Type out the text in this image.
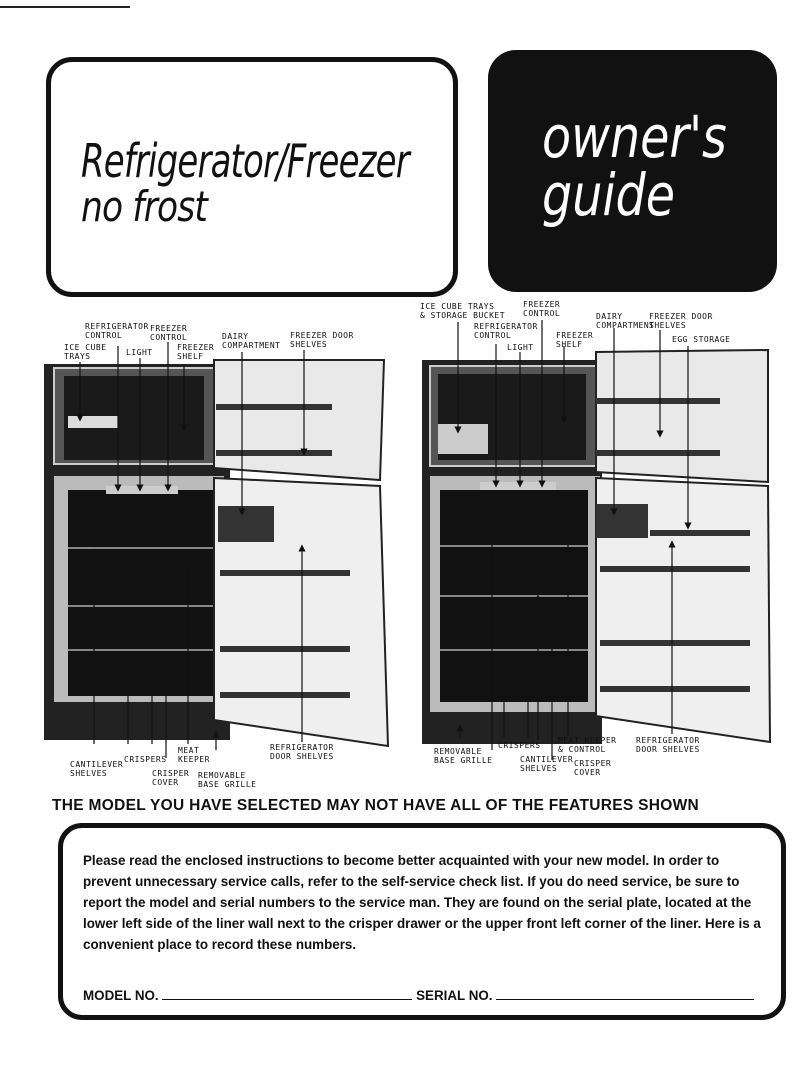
Refrigerator/Freezer
no frost
owner's
guide
REFRIGERATOR
CONTROL
FREEZER
CONTROL
ICE CUBE
TRAYS	LIGHT
FREEZER
SHELF
DAIRY
COMPARTMENT
FREEZER DOOR
SHELVES
CANTILEVER
SHELVES
CRISPERS
MEAT
KEEPER
CRISPER
COVER
REMOVABLE
BASE GRILLE
REFRIGERATOR
DOOR SHELVES
ICE CUBE TRAYS
& STORAGE BUCKET
FREEZER
CONTROL
REFRIGERATOR
CONTROL
LIGHT
FREEZER
SHELF
DAIRY
COMPARTMENT
FREEZER DOOR
SHELVES
EGG STORAGE
REMOVABLE
BASE GRILLE
CRISPERS
CANTILEVER
SHELVES
CRISPER
COVER
MEAT KEEPER
& CONTROL
REFRIGERATOR
DOOR SHELVES
THE MODEL YOU HAVE SELECTED MAY NOT HAVE ALL OF THE FEATURES SHOWN
Please read the enclosed instructions to become better acquainted with your new model. In order to prevent unnecessary service calls, refer to the self-service check list. If you do need service, be sure to report the model and serial numbers to the service man. They are found on the serial plate, located at the lower left side of the liner wall next to the crisper drawer or the upper front left corner of the liner. Here is a convenient place to record these numbers.
MODEL NO.	SERIAL NO.
